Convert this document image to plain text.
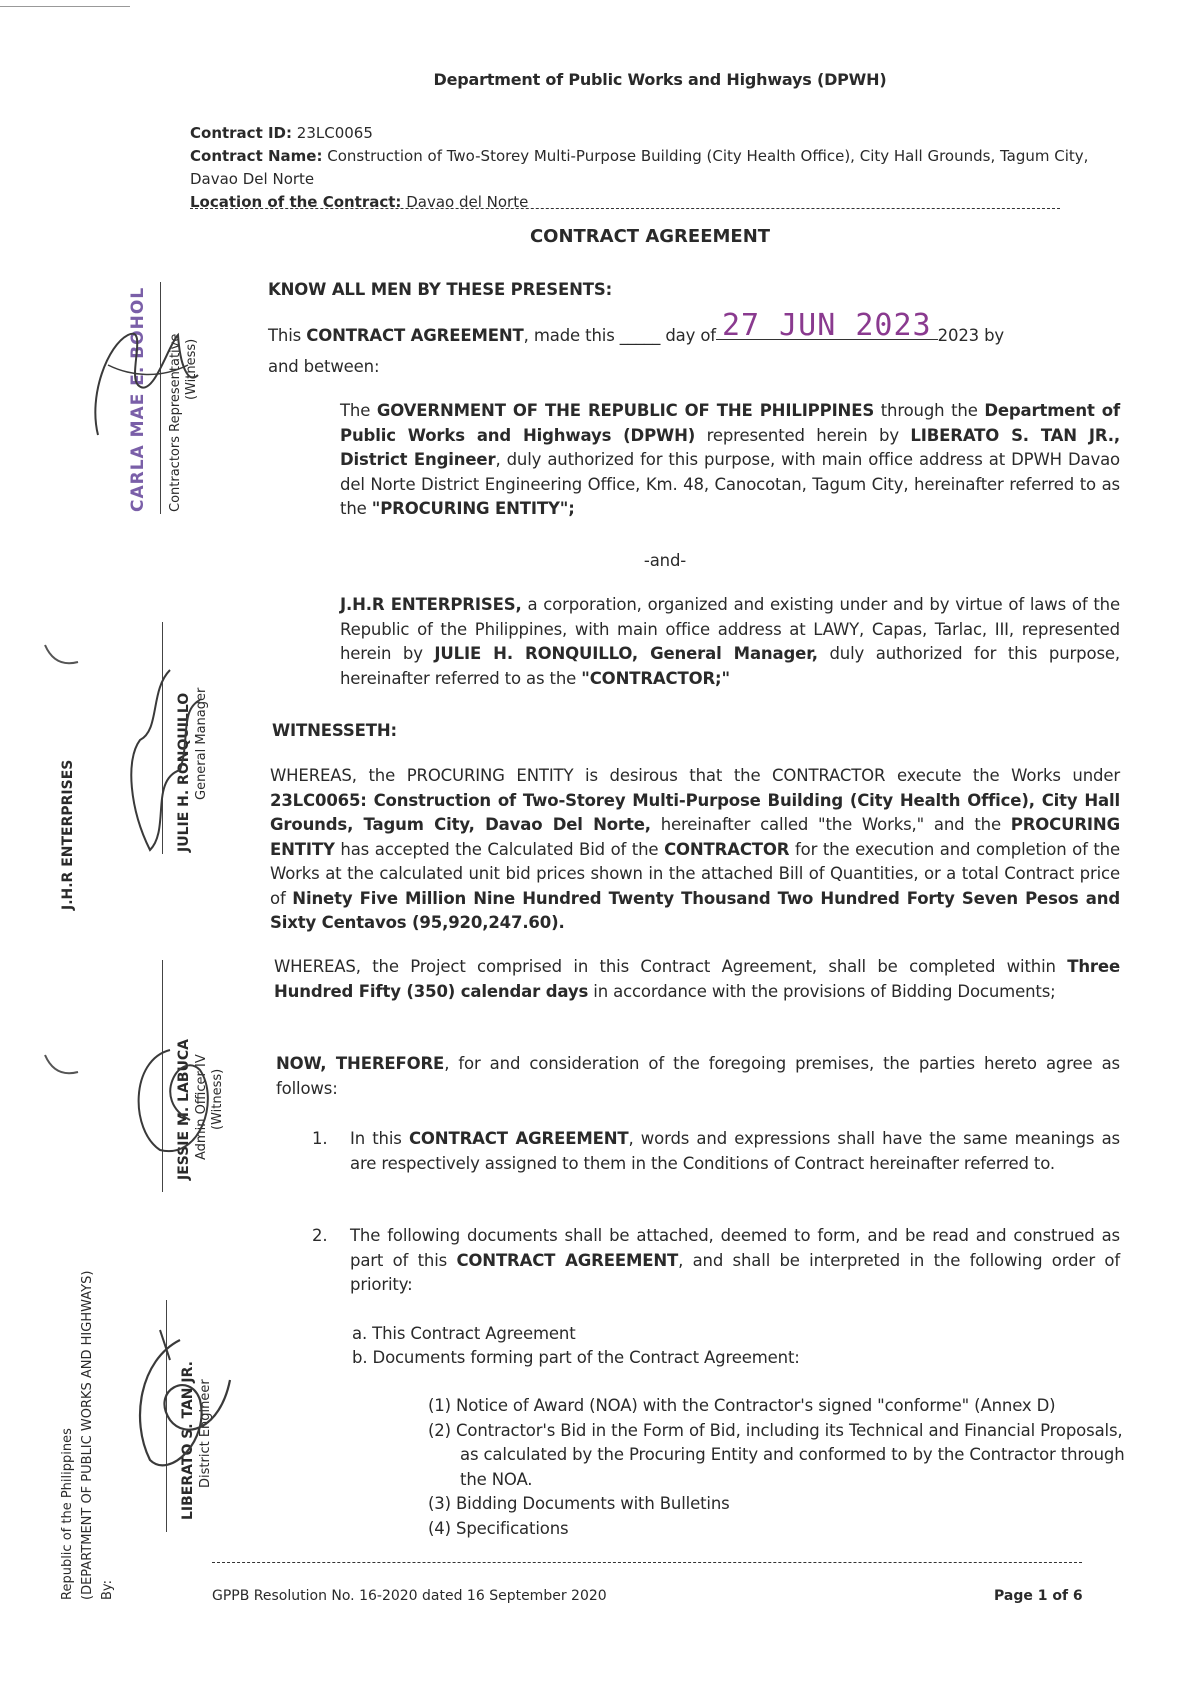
Department of Public Works and Highways (DPWH)
Contract ID: 23LC0065
Contract Name: Construction of Two-Storey Multi-Purpose Building (City Health Office), City Hall Grounds, Tagum City, Davao Del Norte
Location of the Contract: Davao del Norte
CONTRACT AGREEMENT
KNOW ALL MEN BY THESE PRESENTS:
This CONTRACT AGREEMENT, made this _____ day of 27 JUN 2023 2023 by
and between:
The GOVERNMENT OF THE REPUBLIC OF THE PHILIPPINES through the Department of Public Works and Highways (DPWH) represented herein by LIBERATO S. TAN JR., District Engineer, duly authorized for this purpose, with main office address at DPWH Davao del Norte District Engineering Office, Km. 48, Canocotan, Tagum City, hereinafter referred to as the "PROCURING ENTITY";
-and-
J.H.R ENTERPRISES, a corporation, organized and existing under and by virtue of laws of the Republic of the Philippines, with main office address at LAWY, Capas, Tarlac, III, represented herein by JULIE H. RONQUILLO, General Manager, duly authorized for this purpose, hereinafter referred to as the "CONTRACTOR;"
WITNESSETH:
WHEREAS, the PROCURING ENTITY is desirous that the CONTRACTOR execute the Works under 23LC0065: Construction of Two-Storey Multi-Purpose Building (City Health Office), City Hall Grounds, Tagum City, Davao Del Norte, hereinafter called "the Works," and the PROCURING ENTITY has accepted the Calculated Bid of the CONTRACTOR for the execution and completion of the Works at the calculated unit bid prices shown in the attached Bill of Quantities, or a total Contract price of Ninety Five Million Nine Hundred Twenty Thousand Two Hundred Forty Seven Pesos and Sixty Centavos (95,920,247.60).
WHEREAS, the Project comprised in this Contract Agreement, shall be completed within Three Hundred Fifty (350) calendar days in accordance with the provisions of Bidding Documents;
NOW, THEREFORE, for and consideration of the foregoing premises, the parties hereto agree as follows:
1. In this CONTRACT AGREEMENT, words and expressions shall have the same meanings as are respectively assigned to them in the Conditions of Contract hereinafter referred to.
2. The following documents shall be attached, deemed to form, and be read and construed as part of this CONTRACT AGREEMENT, and shall be interpreted in the following order of priority:
a. This Contract Agreement
b. Documents forming part of the Contract Agreement:
(1) Notice of Award (NOA) with the Contractor's signed "conforme" (Annex D)
(2) Contractor's Bid in the Form of Bid, including its Technical and Financial Proposals, as calculated by the Procuring Entity and conformed to by the Contractor through the NOA.
(3) Bidding Documents with Bulletins
(4) Specifications
GPPB Resolution No. 16-2020 dated 16 September 2020	Page 1 of 6
CARLA MAE E. BOHOL Contractors Representative (Witness)
J.H.R ENTERPRISES	JULIE H. RONQUILLO General Manager
JESSIE M. LABUCA Admin Officer IV (Witness)
Republic of the Philippines (DEPARTMENT OF PUBLIC WORKS AND HIGHWAYS) By:
LIBERATO S. TAN JR. District Engineer
